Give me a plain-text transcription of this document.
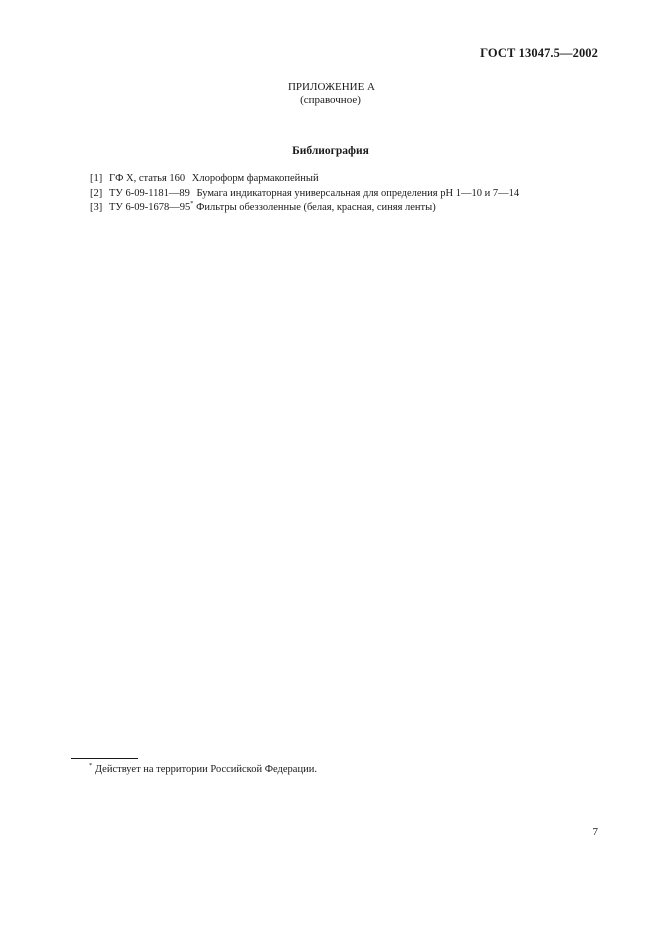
ГОСТ 13047.5—2002
ПРИЛОЖЕНИЕ А
(справочное)
Библиография
[1] ГФ X, статья 160 Хлороформ фармакопейный
[2] ТУ 6-09-1181—89 Бумага индикаторная универсальная для определения рН 1—10 и 7—14
[3] ТУ 6-09-1678—95* Фильтры обеззоленные (белая, красная, синяя ленты)
* Действует на территории Российской Федерации.
7
